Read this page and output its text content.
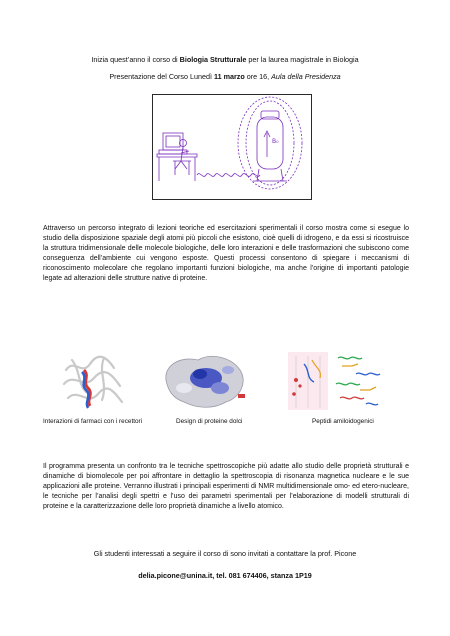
Inizia quest’anno il corso di Biologia Strutturale per la laurea magistrale in Biologia
Presentazione del Corso Lunedì 11 marzo ore 16, Aula della Presidenza
B₀
Attraverso un percorso integrato di lezioni teoriche ed esercitazioni sperimentali il corso mostra come si esegue lo studio della disposizione spaziale degli atomi più piccoli che esistono, cioè quelli di idrogeno, e da essi si ricostruisce la struttura tridimensionale delle molecole biologiche, delle loro interazioni e delle trasformazioni che subiscono come conseguenza dell’ambiente cui vengono esposte. Questi processi consentono di spiegare i meccanismi di riconoscimento molecolare che regolano importanti funzioni biologiche, ma anche l’origine di importanti patologie legate ad alterazioni delle strutture native di proteine.
Interazioni di farmaci con i recettori	Design di proteine dolci	Peptidi amiloidogenici
Il programma presenta un confronto tra le tecniche spettroscopiche più adatte allo studio delle proprietà strutturali e dinamiche di biomolecole per poi affrontare in dettaglio la spettroscopia di risonanza magnetica nucleare e le sue applicazioni alle proteine. Verranno illustrati i principali esperimenti di NMR multidimensionale omo- ed etero-nucleare, le tecniche per l’analisi degli spettri e l’uso dei parametri sperimentali per l’elaborazione di modelli strutturali di proteine e la caratterizzazione delle loro proprietà dinamiche a livello atomico.
Gli studenti interessati a seguire il corso di sono invitati a contattare la prof. Picone
delia.picone@unina.it, tel. 081 674406, stanza 1P19
